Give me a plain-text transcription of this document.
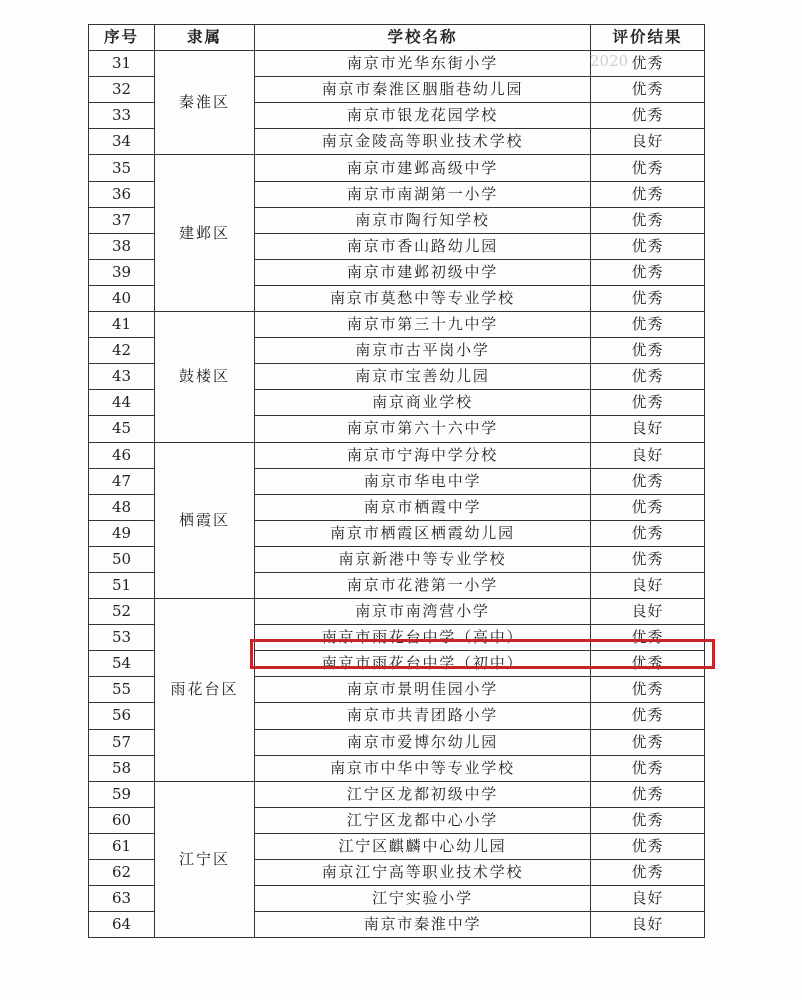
2020
序号	隶属	学校名称	评价结果
31	秦淮区	南京市光华东街小学	优秀
32		南京市秦淮区胭脂巷幼儿园	优秀
33		南京市银龙花园学校	优秀
34		南京金陵高等职业技术学校	良好
35	建邺区	南京市建邺高级中学	优秀
36		南京市南湖第一小学	优秀
37		南京市陶行知学校	优秀
38		南京市香山路幼儿园	优秀
39		南京市建邺初级中学	优秀
40		南京市莫愁中等专业学校	优秀
41	鼓楼区	南京市第三十九中学	优秀
42		南京市古平岗小学	优秀
43		南京市宝善幼儿园	优秀
44		南京商业学校	优秀
45		南京市第六十六中学	良好
46	栖霞区	南京市宁海中学分校	良好
47		南京市华电中学	优秀
48		南京市栖霞中学	优秀
49		南京市栖霞区栖霞幼儿园	优秀
50		南京新港中等专业学校	优秀
51		南京市花港第一小学	良好
52	雨花台区	南京市南湾营小学	良好
53		南京市雨花台中学（高中）	优秀
54		南京市雨花台中学（初中）	优秀
55		南京市景明佳园小学	优秀
56		南京市共青团路小学	优秀
57		南京市爱博尔幼儿园	优秀
58		南京市中华中等专业学校	优秀
59	江宁区	江宁区龙都初级中学	优秀
60		江宁区龙都中心小学	优秀
61		江宁区麒麟中心幼儿园	优秀
62		南京江宁高等职业技术学校	优秀
63		江宁实验小学	良好
64		南京市秦淮中学	良好
